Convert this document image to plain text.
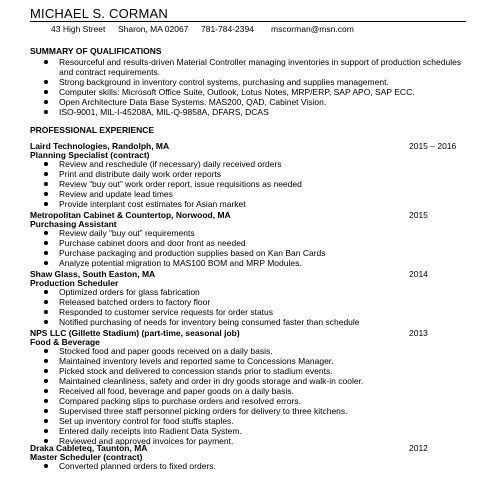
MICHAEL S. CORMAN
43 High Street Sharon, MA 02067 781-784-2394 mscorman@msn.com
SUMMARY OF QUALIFICATIONS
Resourceful and results-driven Material Controller managing inventories in support of production schedules and contract requirements.
Strong background in inventory control systems, purchasing and supplies management.
Computer skills: Microsoft Office Suite, Outlook, Lotus Notes, MRP/ERP, SAP APO, SAP ECC.
Open Architecture Data Base Systems. MAS200, QAD, Cabinet Vision.
ISO-9001, MIL-I-45208A, MIL-Q-9858A, DFARS, DCAS
PROFESSIONAL EXPERIENCE
Laird Technologies, Randolph, MA	2015 – 2016
Planning Specialist (contract)
Review and reschedule (if necessary) daily received orders
Print and distribute daily work order reports
Review “buy out” work order report, issue requisitions as needed
Review and update lead times
Provide interplant cost estimates for Asian market
Metropolitan Cabinet & Countertop, Norwood, MA	2015
Purchasing Assistant
Review daily “buy out” requirements
Purchase cabinet doors and door front as needed
Purchase packaging and production supplies based on Kan Ban Cards
Analyze potential migration to MAS100 BOM and MRP Modules.
Shaw Glass, South Easton, MA	2014
Production Scheduler
Optimized orders for glass fabrication
Released batched orders to factory floor
Responded to customer service requests for order status
Notified purchasing of needs for inventory being consumed faster than schedule
NPS LLC (Gillette Stadium) (part-time, seasonal job)	2013
Food & Beverage
Stocked food and paper goods received on a daily basis.
Maintained inventory levels and reported same to Concessions Manager.
Picked stock and delivered to concession stands prior to stadium events.
Maintained cleanliness, safety and order in dry goods storage and walk-in cooler.
Received all food, beverage and paper goods on a daily basis.
Compared packing slips to purchase orders and resolved errors.
Supervised three staff personnel picking orders for delivery to three kitchens.
Set up inventory control for food stuffs staples.
Entered daily receipts into Radient Data System.
Reviewed and approved invoices for payment.
Draka Cableteq, Taunton, MA	2012
Master Scheduler (contract)
Converted planned orders to fixed orders.
